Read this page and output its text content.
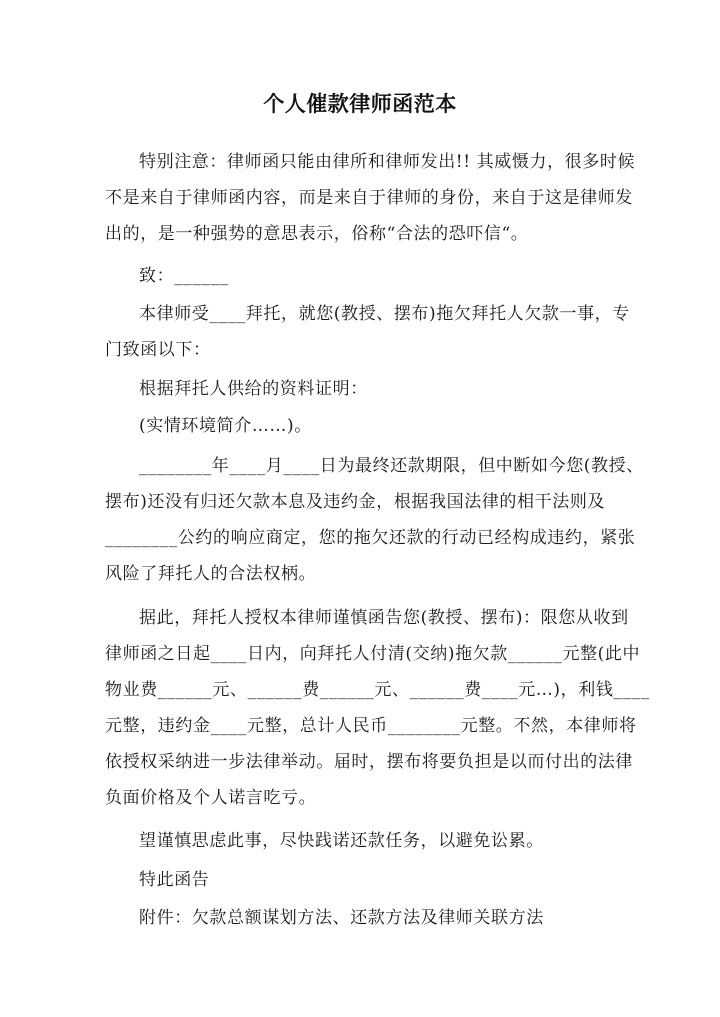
个人催款律师函范本
特别注意：律师函只能由律所和律师发出!! 其威慑力，很多时候
不是来自于律师函内容，而是来自于律师的身份，来自于这是律师发
出的，是一种强势的意思表示，俗称“合法的恐吓信“。
致：______
本律师受____拜托，就您(教授、摆布)拖欠拜托人欠款一事，专
门致函以下：
根据拜托人供给的资料证明：
(实情环境简介……)。
________年____月____日为最终还款期限，但中断如今您(教授、
摆布)还没有归还欠款本息及违约金，根据我国法律的相干法则及
________公约的响应商定，您的拖欠还款的行动已经构成违约，紧张
风险了拜托人的合法权柄。
据此，拜托人授权本律师谨慎函告您(教授、摆布)：限您从收到
律师函之日起____日内，向拜托人付清(交纳)拖欠款______元整(此中
物业费______元、______费______元、______费____元…)，利钱____
元整，违约金____元整，总计人民币________元整。不然，本律师将
依授权采纳进一步法律举动。届时，摆布将要负担是以而付出的法律
负面价格及个人诺言吃亏。
望谨慎思虑此事，尽快践诺还款任务，以避免讼累。
特此函告
附件：欠款总额谋划方法、还款方法及律师关联方法
